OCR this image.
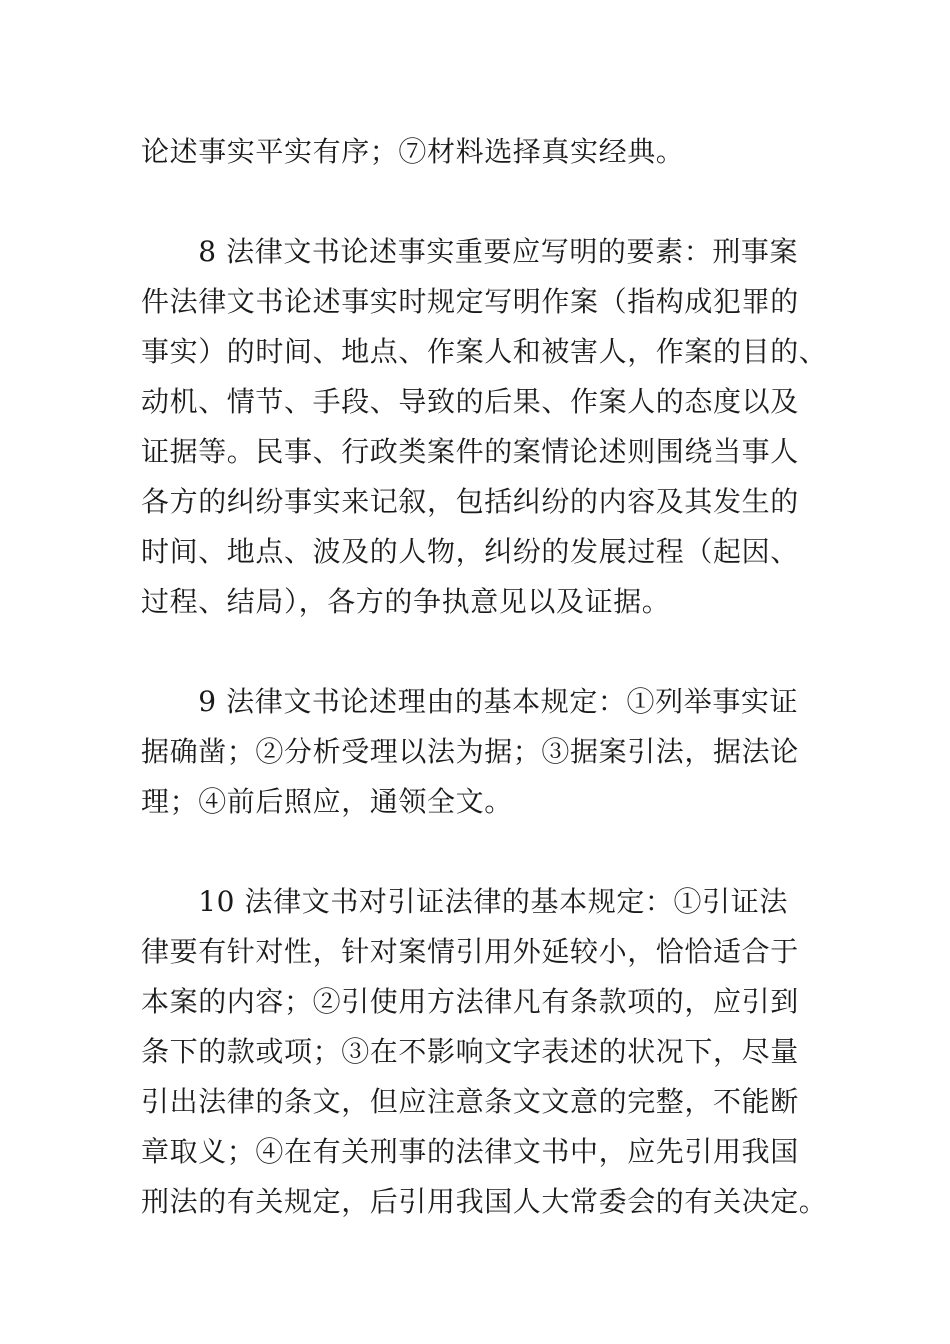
论述事实平实有序；⑦材料选择真实经典。
　　8 法律文书论述事实重要应写明的要素：刑事案
件法律文书论述事实时规定写明作案（指构成犯罪的
事实）的时间、地点、作案人和被害人，作案的目的、
动机、情节、手段、导致的后果、作案人的态度以及
证据等。民事、行政类案件的案情论述则围绕当事人
各方的纠纷事实来记叙，包括纠纷的内容及其发生的
时间、地点、波及的人物，纠纷的发展过程（起因、
过程、结局），各方的争执意见以及证据。
　　9 法律文书论述理由的基本规定：①列举事实证
据确凿；②分析受理以法为据；③据案引法，据法论
理；④前后照应，通领全文。
　　10 法律文书对引证法律的基本规定：①引证法
律要有针对性，针对案情引用外延较小，恰恰适合于
本案的内容；②引使用方法律凡有条款项的，应引到
条下的款或项；③在不影响文字表述的状况下，尽量
引出法律的条文，但应注意条文文意的完整，不能断
章取义；④在有关刑事的法律文书中，应先引用我国
刑法的有关规定，后引用我国人大常委会的有关决定。
